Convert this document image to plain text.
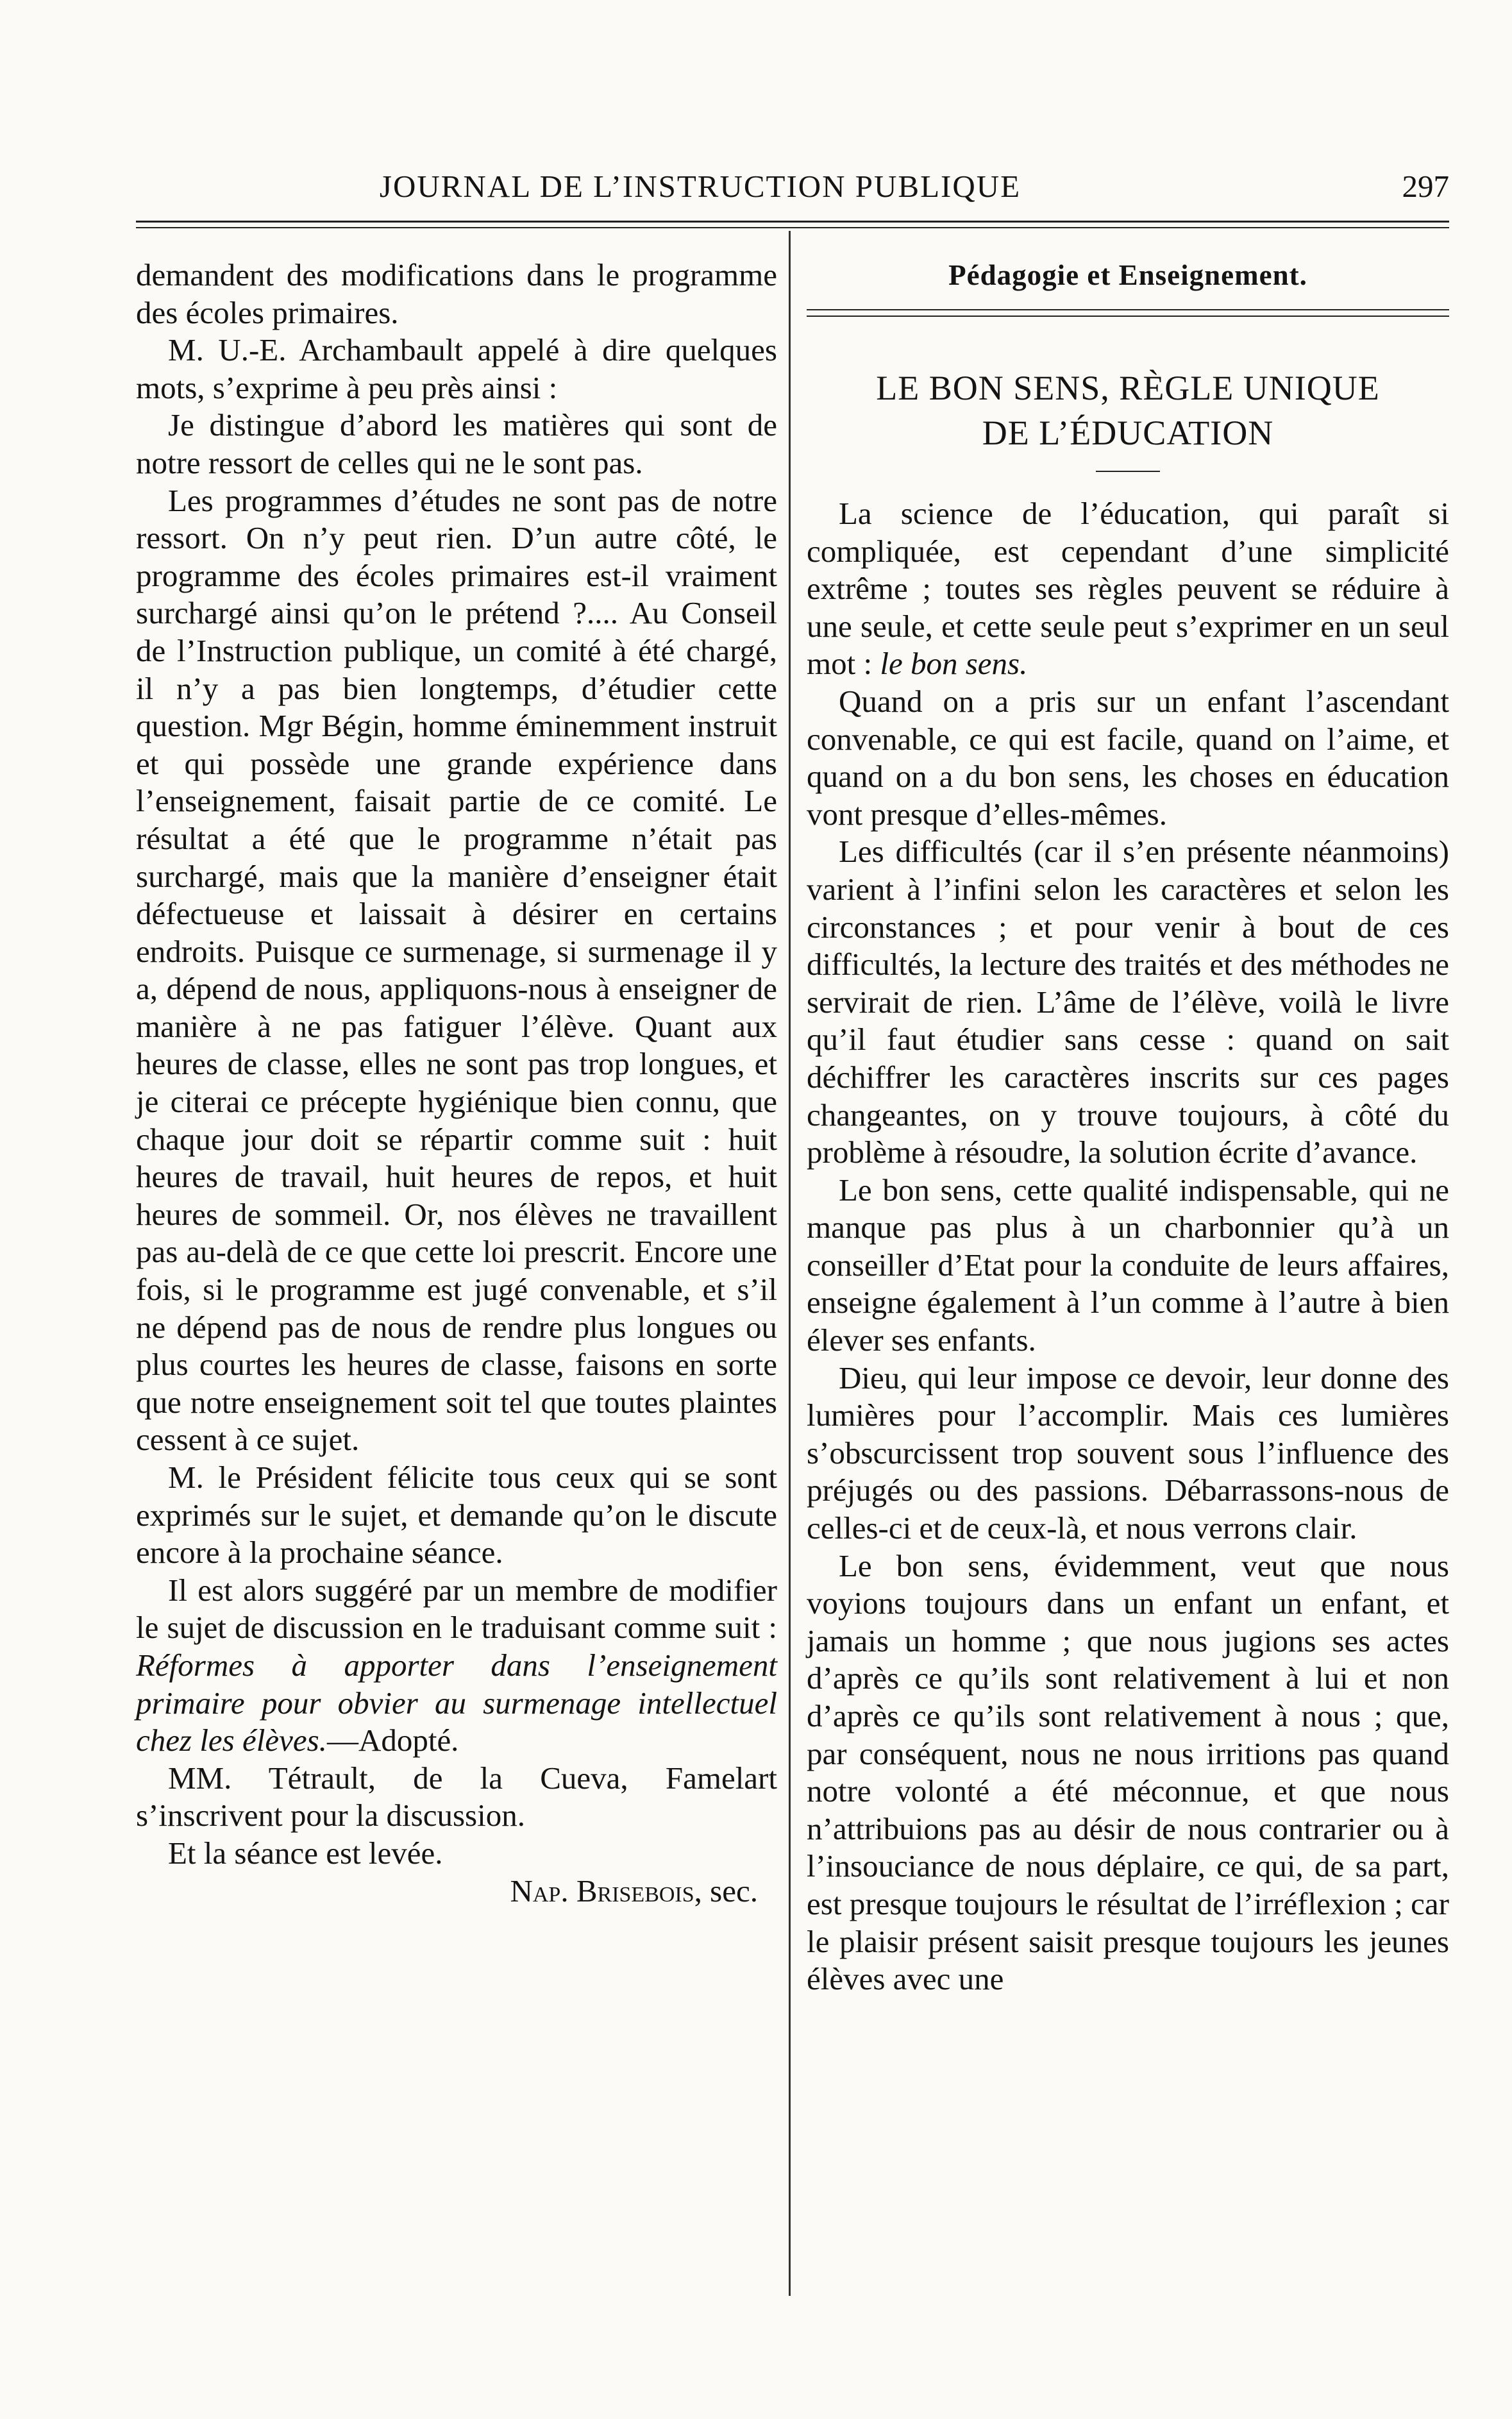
JOURNAL DE L’INSTRUCTION PUBLIQUE	297

demandent des modifications dans le programme des écoles primaires.

M. U.-E. Archambault appelé à dire quelques mots, s’exprime à peu près ainsi :

Je distingue d’abord les matières qui sont de notre ressort de celles qui ne le sont pas.

Les programmes d’études ne sont pas de notre ressort. On n’y peut rien. D’un autre côté, le programme des écoles primaires est-il vraiment surchargé ainsi qu’on le prétend ?.... Au Conseil de l’Instruction publique, un comité à été chargé, il n’y a pas bien longtemps, d’étudier cette question. Mgr Bégin, homme éminemment instruit et qui possède une grande expérience dans l’enseignement, faisait partie de ce comité. Le résultat a été que le programme n’était pas surchargé, mais que la manière d’enseigner était défectueuse et laissait à désirer en certains endroits. Puisque ce surmenage, si surmenage il y a, dépend de nous, appliquons-nous à enseigner de manière à ne pas fatiguer l’élève. Quant aux heures de classe, elles ne sont pas trop longues, et je citerai ce précepte hygiénique bien connu, que chaque jour doit se répartir comme suit : huit heures de travail, huit heures de repos, et huit heures de sommeil. Or, nos élèves ne travaillent pas au-delà de ce que cette loi prescrit. Encore une fois, si le programme est jugé convenable, et s’il ne dépend pas de nous de rendre plus longues ou plus courtes les heures de classe, faisons en sorte que notre enseignement soit tel que toutes plaintes cessent à ce sujet.

M. le Président félicite tous ceux qui se sont exprimés sur le sujet, et demande qu’on le discute encore à la prochaine séance.

Il est alors suggéré par un membre de modifier le sujet de discussion en le traduisant comme suit : Réformes à apporter dans l’enseignement primaire pour obvier au surmenage intellectuel chez les élèves.—Adopté.

MM. Tétrault, de la Cueva, Famelart s’inscrivent pour la discussion.

Et la séance est levée.

Nap. Brisebois, sec.

Pédagogie et Enseignement.
LE BON SENS, RÈGLE UNIQUE
DE L’ÉDUCATION

La science de l’éducation, qui paraît si compliquée, est cependant d’une simplicité extrême ; toutes ses règles peuvent se réduire à une seule, et cette seule peut s’exprimer en un seul mot : le bon sens.

Quand on a pris sur un enfant l’ascendant convenable, ce qui est facile, quand on l’aime, et quand on a du bon sens, les choses en éducation vont presque d’elles-mêmes.

Les difficultés (car il s’en présente néanmoins) varient à l’infini selon les caractères et selon les circonstances ; et pour venir à bout de ces difficultés, la lecture des traités et des méthodes ne servirait de rien. L’âme de l’élève, voilà le livre qu’il faut étudier sans cesse : quand on sait déchiffrer les caractères inscrits sur ces pages changeantes, on y trouve toujours, à côté du problème à résoudre, la solution écrite d’avance.

Le bon sens, cette qualité indispensable, qui ne manque pas plus à un charbonnier qu’à un conseiller d’Etat pour la conduite de leurs affaires, enseigne également à l’un comme à l’autre à bien élever ses enfants.

Dieu, qui leur impose ce devoir, leur donne des lumières pour l’accomplir. Mais ces lumières s’obscurcissent trop souvent sous l’influence des préjugés ou des passions. Débarrassons-nous de celles-ci et de ceux-là, et nous verrons clair.

Le bon sens, évidemment, veut que nous voyions toujours dans un enfant un enfant, et jamais un homme ; que nous jugions ses actes d’après ce qu’ils sont relativement à lui et non d’après ce qu’ils sont relativement à nous ; que, par conséquent, nous ne nous irritions pas quand notre volonté a été méconnue, et que nous n’attribuions pas au désir de nous contrarier ou à l’insouciance de nous déplaire, ce qui, de sa part, est presque toujours le résultat de l’irréflexion ; car le plaisir présent saisit presque toujours les jeunes élèves avec une
